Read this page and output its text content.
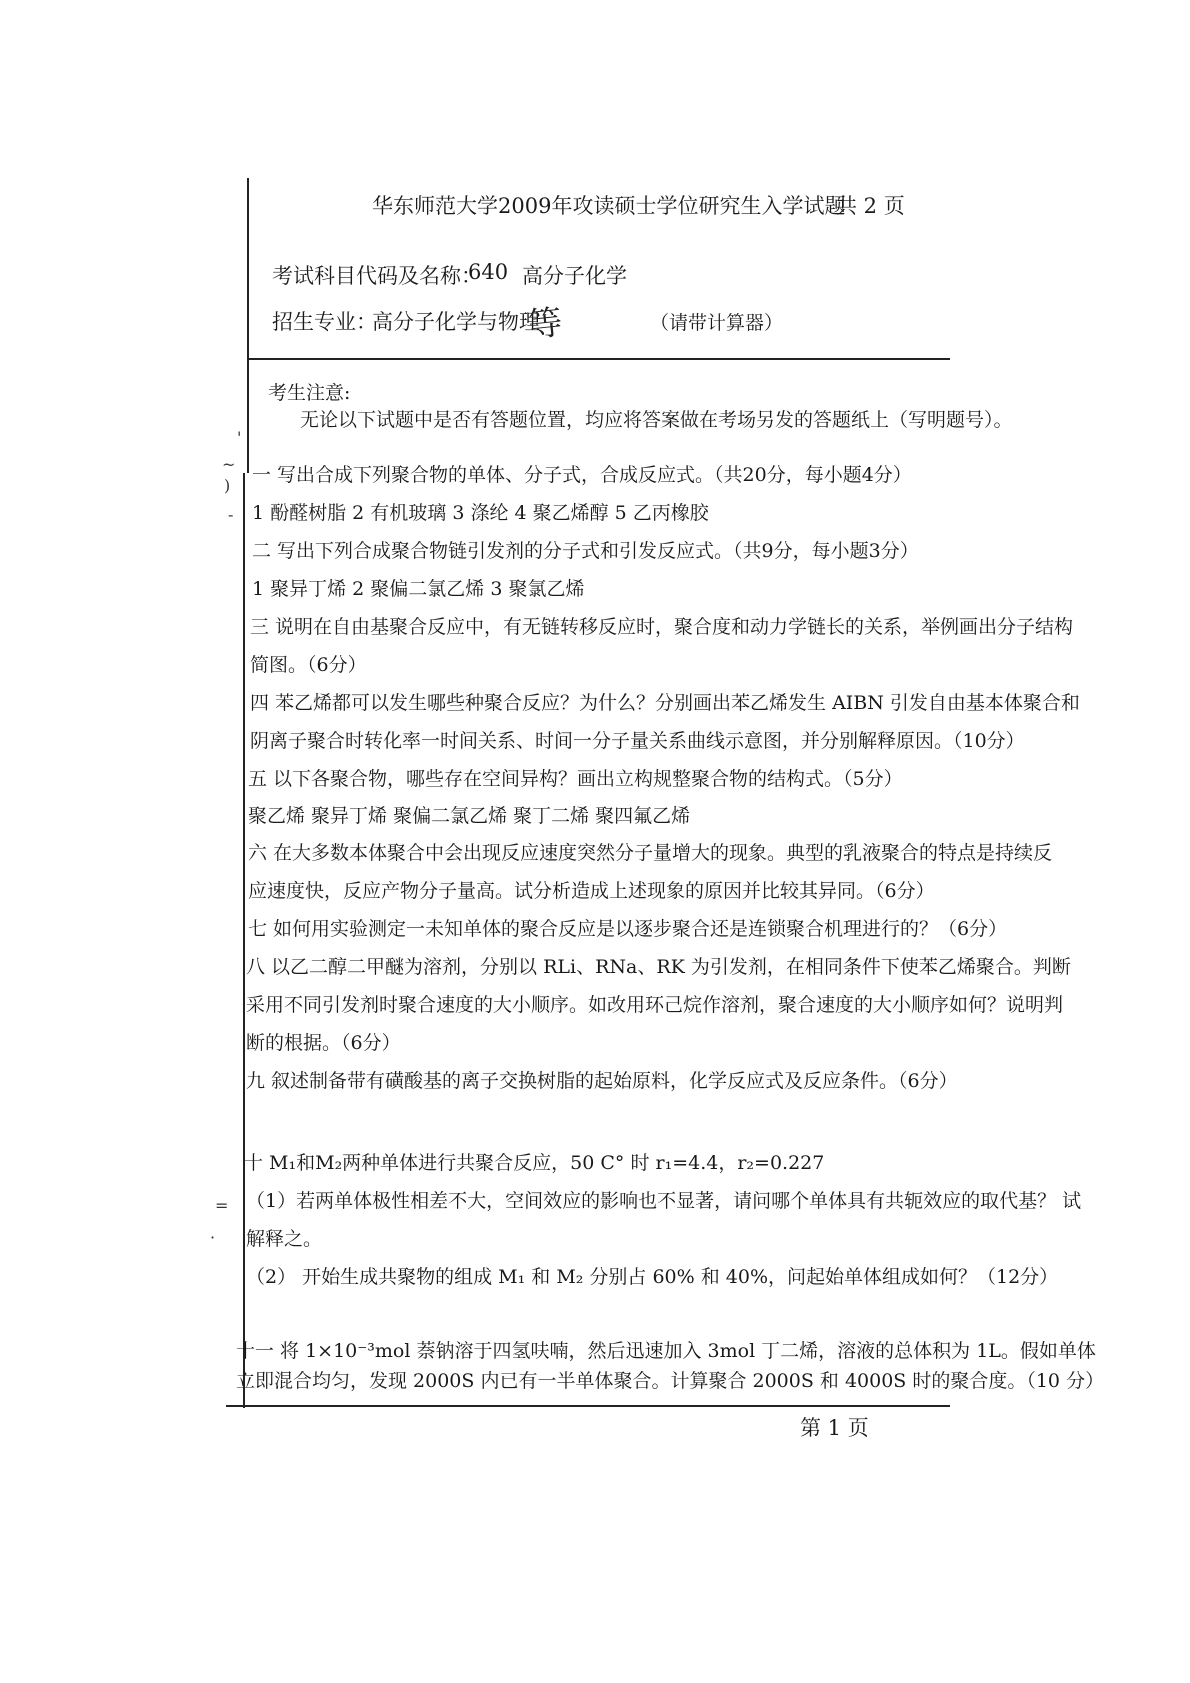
'
~
)
-
=
·
华东师范大学2009年攻读硕士学位研究生入学试题
共 2 页
考试科目代码及名称：
640 高分子化学
招生专业：
高分子化学与物理
等	（请带计算器）
考生注意:
无论以下试题中是否有答题位置，均应将答案做在考场另发的答题纸上（写明题号）。
一 写出合成下列聚合物的单体、分子式，合成反应式。（共20分，每小题4分）
1 酚醛树脂 2 有机玻璃 3 涤纶 4 聚乙烯醇 5 乙丙橡胶
二 写出下列合成聚合物链引发剂的分子式和引发反应式。（共9分，每小题3分）
1 聚异丁烯 2 聚偏二氯乙烯 3 聚氯乙烯
三 说明在自由基聚合反应中，有无链转移反应时，聚合度和动力学链长的关系，举例画出分子结构
简图。（6分）
四 苯乙烯都可以发生哪些种聚合反应？为什么？分别画出苯乙烯发生 AIBN 引发自由基本体聚合和
阴离子聚合时转化率一时间关系、时间一分子量关系曲线示意图，并分别解释原因。（10分）
五 以下各聚合物，哪些存在空间异构？画出立构规整聚合物的结构式。（5分）
聚乙烯 聚异丁烯 聚偏二氯乙烯 聚丁二烯 聚四氟乙烯
六 在大多数本体聚合中会出现反应速度突然分子量增大的现象。典型的乳液聚合的特点是持续反
应速度快，反应产物分子量高。试分析造成上述现象的原因并比较其异同。（6分）
七 如何用实验测定一未知单体的聚合反应是以逐步聚合还是连锁聚合机理进行的？（6分）
八 以乙二醇二甲醚为溶剂，分别以 RLi、RNa、RK 为引发剂，在相同条件下使苯乙烯聚合。判断
采用不同引发剂时聚合速度的大小顺序。如改用环己烷作溶剂，聚合速度的大小顺序如何？说明判
断的根据。（6分）
九 叙述制备带有磺酸基的离子交换树脂的起始原料，化学反应式及反应条件。（6分）
十 M₁和M₂两种单体进行共聚合反应，50 C° 时 r₁=4.4，r₂=0.227
（1）若两单体极性相差不大，空间效应的影响也不显著，请问哪个单体具有共轭效应的取代基？ 试
解释之。
（2） 开始生成共聚物的组成 M₁ 和 M₂ 分别占 60% 和 40%，问起始单体组成如何？（12分）
十一 将 1×10⁻³mol 萘钠溶于四氢呋喃，然后迅速加入 3mol 丁二烯，溶液的总体积为 1L。假如单体
立即混合均匀，发现 2000S 内已有一半单体聚合。计算聚合 2000S 和 4000S 时的聚合度。（10 分）
第 1 页
